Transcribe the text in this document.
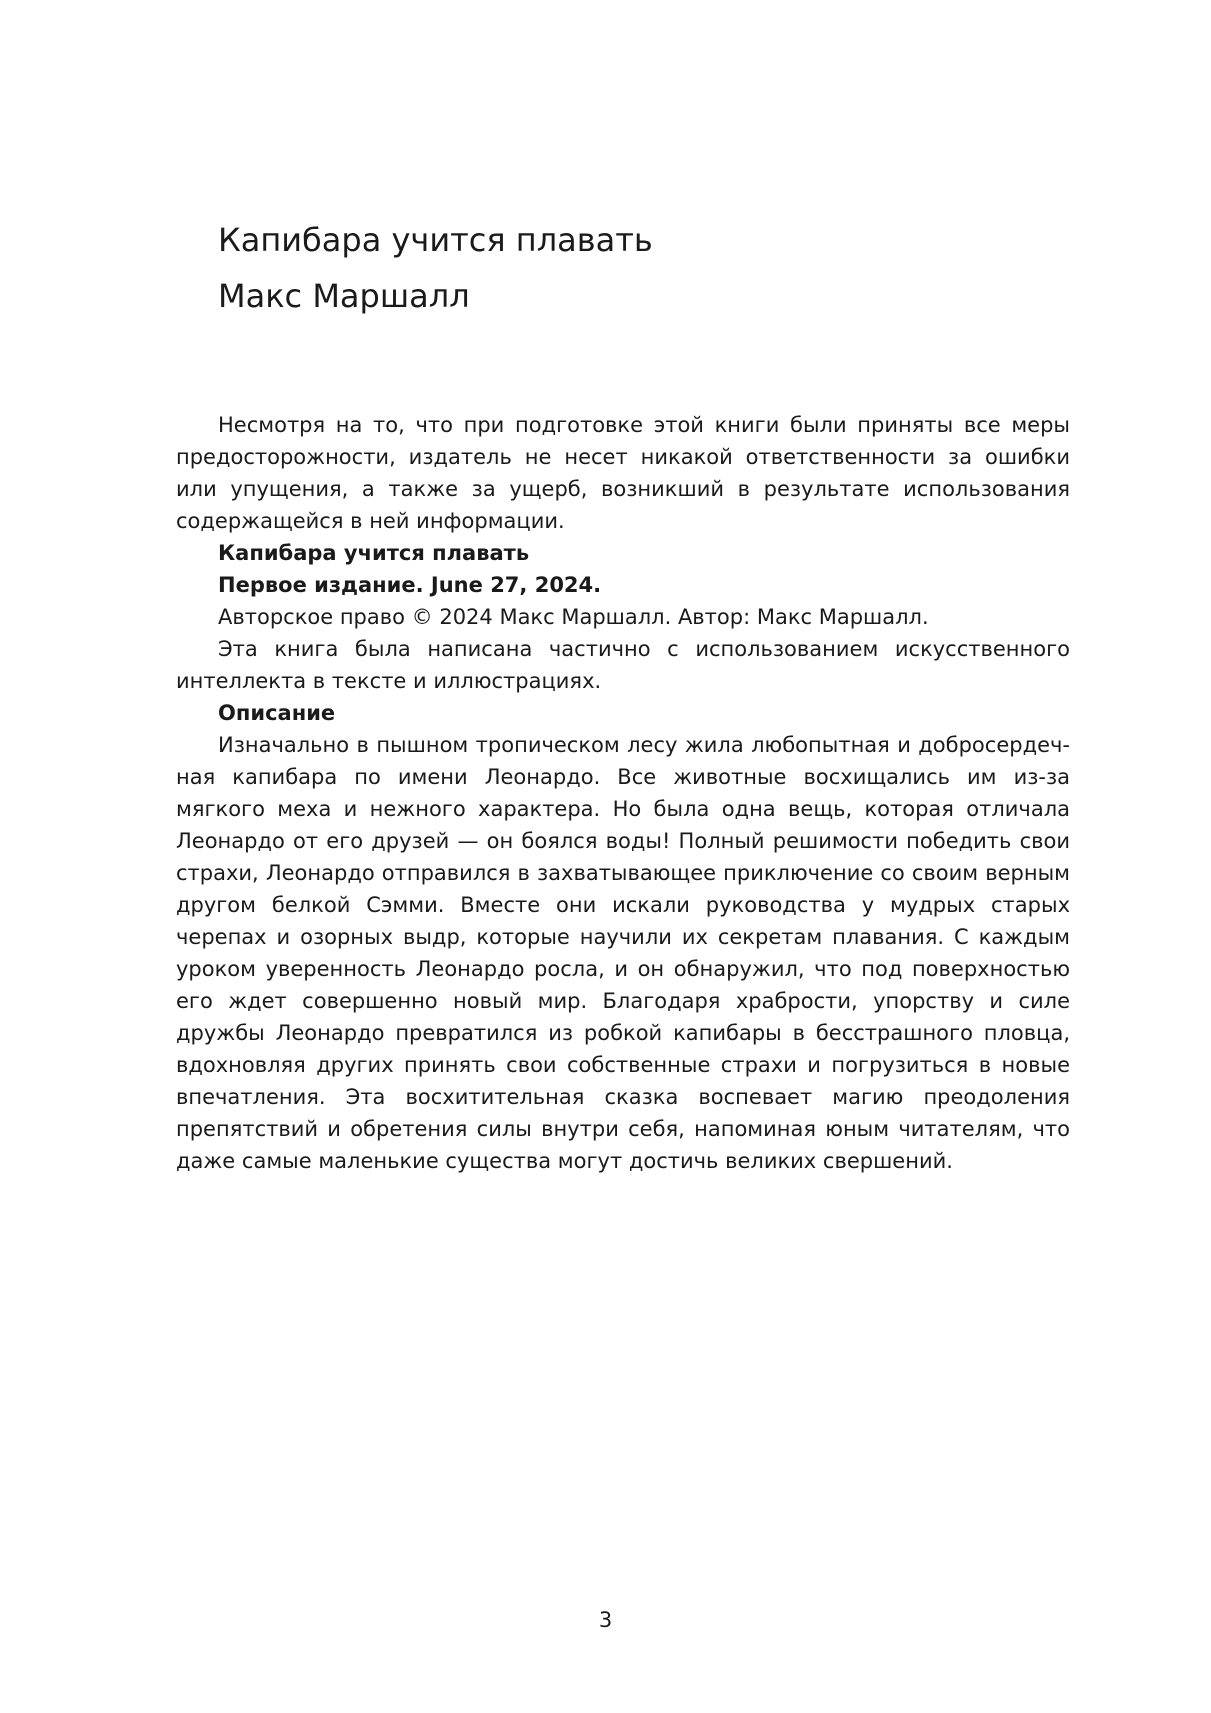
Капибара учится плавать
Макс Маршалл

Несмотря на то, что при подготовке этой книги были приняты все меры предосторожности, издатель не несет никакой ответственности за ошибки или упущения, а также за ущерб, возникший в результате использования содержащейся в ней информации.

Капибара учится плавать

Первое издание. June 27, 2024.

Авторское право © 2024 Макс Маршалл. Автор: Макс Маршалл.

Эта книга была написана частично с использованием искусственного интеллекта в тексте и иллюстрациях.

Описание

Изначально в пышном тропическом лесу жила любопытная и добросердечная капибара по имени Леонардо. Все животные восхищались им из-за мягкого меха и нежного характера. Но была одна вещь, которая отличала Леонардо от его друзей — он боялся воды! Полный решимости победить свои страхи, Леонардо отправился в захватывающее приключение со своим верным другом белкой Сэмми. Вместе они искали руководства у мудрых старых черепах и озорных выдр, которые научили их секретам плавания. С каждым уроком уверенность Леонардо росла, и он обнаружил, что под поверхностью его ждет совершенно новый мир. Благодаря храбрости, упорству и силе дружбы Леонардо превратился из робкой капибары в бесстрашного пловца, вдохновляя других принять свои собственные страхи и погрузиться в новые впечатления. Эта восхитительная сказка воспевает магию преодоления препятствий и обретения силы внутри себя, напоминая юным читателям, что даже самые маленькие существа могут достичь великих свершений.

3
